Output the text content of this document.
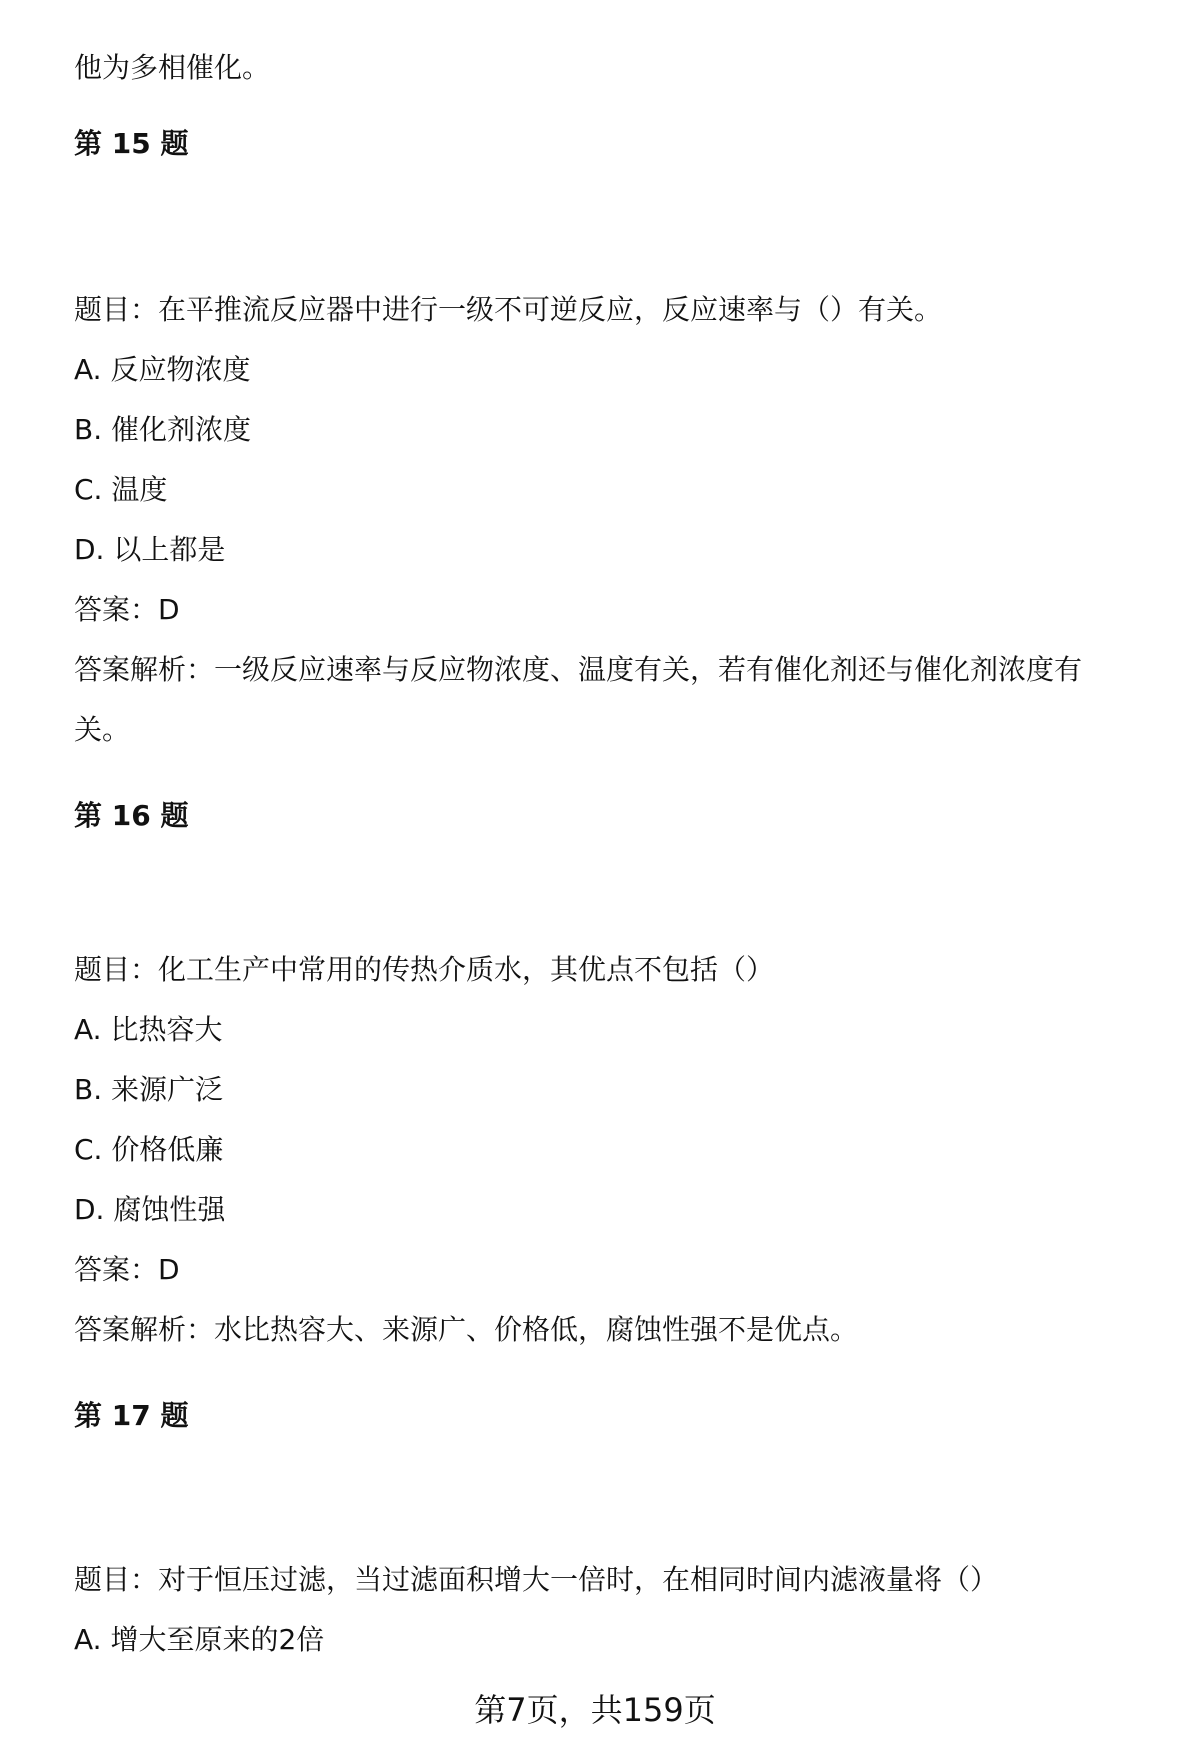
他为多相催化。
第 15 题
题目：在平推流反应器中进行一级不可逆反应，反应速率与（）有关。
A. 反应物浓度
B. 催化剂浓度
C. 温度
D. 以上都是
答案：D
答案解析：一级反应速率与反应物浓度、温度有关，若有催化剂还与催化剂浓度有
关。
第 16 题
题目：化工生产中常用的传热介质水，其优点不包括（）
A. 比热容大
B. 来源广泛
C. 价格低廉
D. 腐蚀性强
答案：D
答案解析：水比热容大、来源广、价格低，腐蚀性强不是优点。
第 17 题
题目：对于恒压过滤，当过滤面积增大一倍时，在相同时间内滤液量将（）
A. 增大至原来的2倍
第7页，共159页
